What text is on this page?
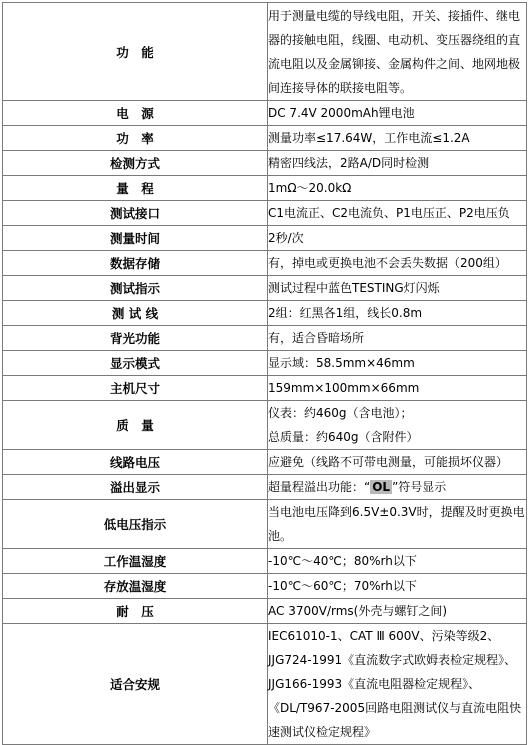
功　能	用于测量电缆的导线电阻，开关、接插件、继电器的接触电阻，线圈、电动机、变压器绕组的直流电阻以及金属铆接、金属构件之间、地网地极间连接导体的联接电阻等。
电　源	DC 7.4V 2000mAh锂电池
功　率	测量功率≤17.64W，工作电流≤1.2A
检测方式	精密四线法，2路A/D同时检测
量　程	1mΩ～20.0kΩ
测试接口	C1电流正、C2电流负、P1电压正、P2电压负
测量时间	2秒/次
数据存储	有，掉电或更换电池不会丢失数据（200组）
测试指示	测试过程中蓝色TESTING灯闪烁
测 试 线	2组：红黑各1组，线长0.8m
背光功能	有，适合昏暗场所
显示模式	显示域：58.5mm×46mm
主机尺寸	159mm×100mm×66mm
质　量	仪表：约460g（含电池）；
总质量：约640g（含附件）
线路电压	应避免（线路不可带电测量，可能损坏仪器）
溢出显示	超量程溢出功能：“ OL ”符号显示
低电压指示	当电池电压降到6.5V±0.3V时，提醒及时更换电池。
工作温湿度	-10℃～40℃；80%rh以下
存放温湿度	-10℃～60℃；70%rh以下
耐　压	AC 3700V/rms(外壳与螺钉之间)
适合安规	IEC61010-1、CAT Ⅲ 600V、污染等级2、JJG724-1991《直流数字式欧姆表检定规程》、JJG166-1993《直流电阻器检定规程》、《DL/T967-2005回路电阻测试仪与直流电阻快速测试仪检定规程》
